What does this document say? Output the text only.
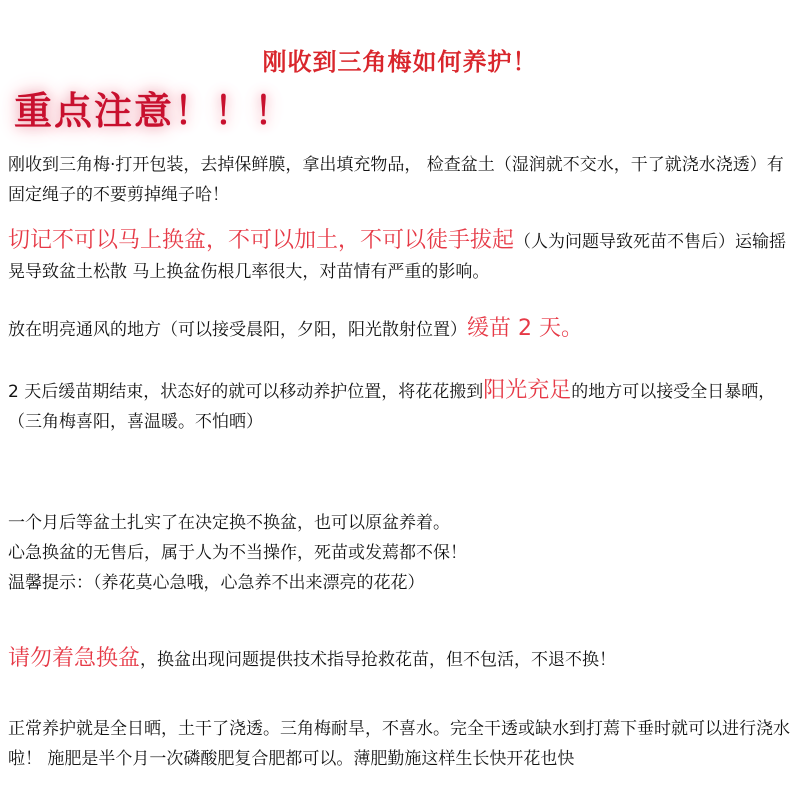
刚收到三角梅如何养护！
重点注意！！！
刚收到三角梅·打开包装，去掉保鲜膜，拿出填充物品， 检查盆土（湿润就不交水，干了就浇水浇透）有固定绳子的不要剪掉绳子哈！
切记不可以马上换盆，不可以加土，不可以徒手拔起（人为问题导致死苗不售后）运输摇晃导致盆土松散 马上换盆伤根几率很大，对苗情有严重的影响。
放在明亮通风的地方（可以接受晨阳，夕阳，阳光散射位置）缓苗 2 天。
2 天后缓苗期结束，状态好的就可以移动养护位置，将花花搬到阳光充足的地方可以接受全日暴晒，（三角梅喜阳，喜温暖。不怕晒）
一个月后等盆土扎实了在决定换不换盆，也可以原盆养着。
心急换盆的无售后，属于人为不当操作，死苗或发蔫都不保！
温馨提示：（养花莫心急哦，心急养不出来漂亮的花花）
请勿着急换盆，换盆出现问题提供技术指导抢救花苗，但不包活，不退不换！
正常养护就是全日晒，土干了浇透。三角梅耐旱，不喜水。完全干透或缺水到打蔫下垂时就可以进行浇水啦！ 施肥是半个月一次磷酸肥复合肥都可以。薄肥勤施这样生长快开花也快
